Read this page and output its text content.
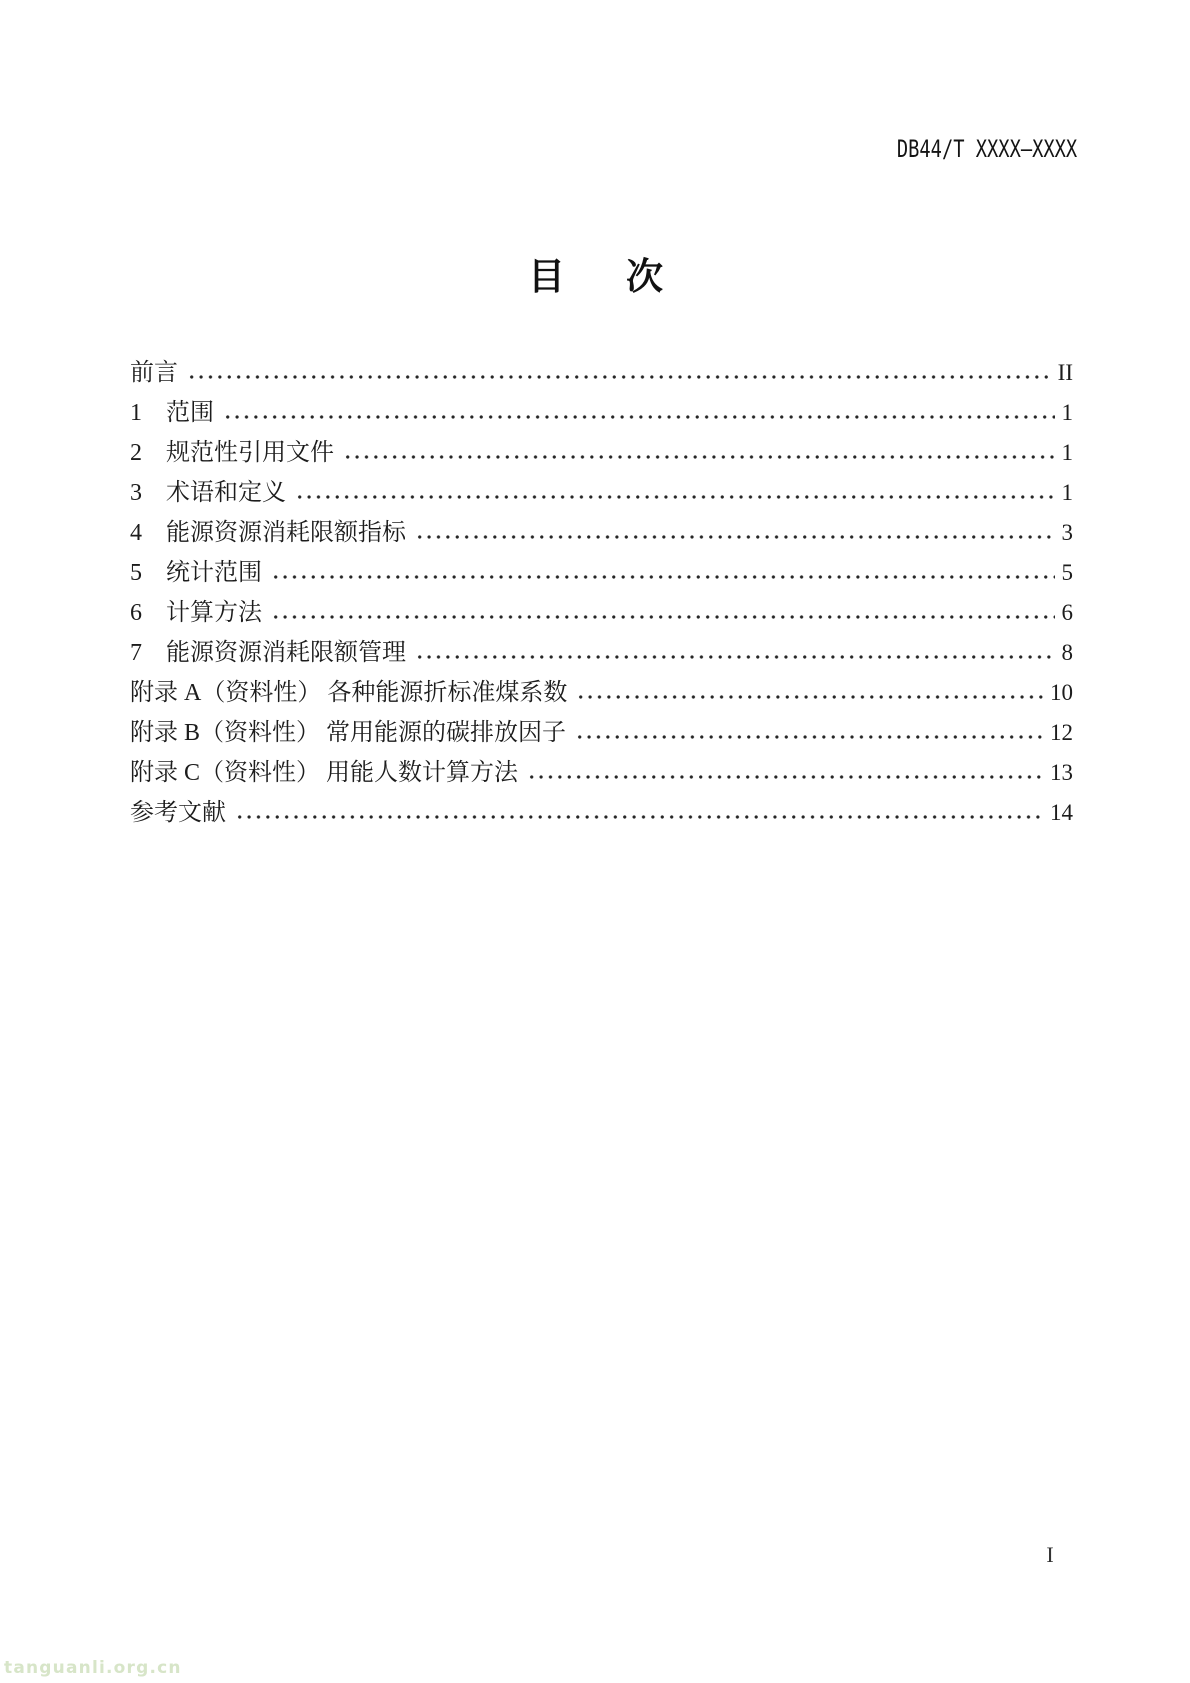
DB44/T XXXX—XXXX
目　次
前言	II
1　范围	1
2　规范性引用文件	1
3　术语和定义	1
4　能源资源消耗限额指标	3
5　统计范围	5
6　计算方法	6
7　能源资源消耗限额管理	8
附录 A（资料性） 各种能源折标准煤系数	10
附录 B（资料性） 常用能源的碳排放因子	12
附录 C（资料性） 用能人数计算方法	13
参考文献	14
I
tanguanli.org.cn
